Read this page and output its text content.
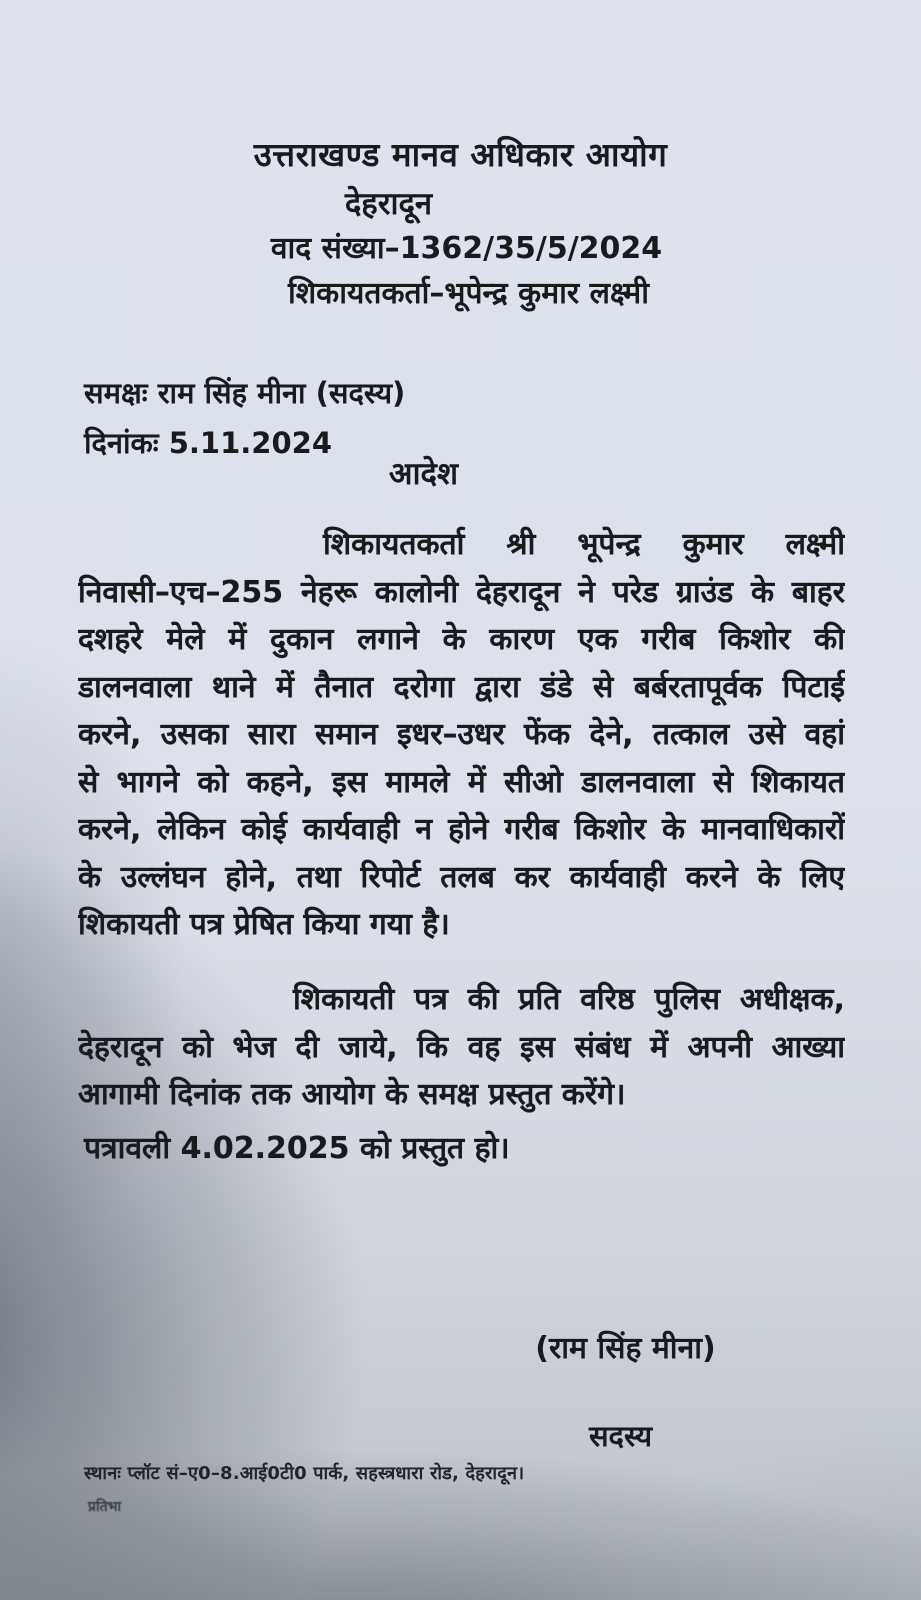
उत्तराखण्ड मानव अधिकार आयोग
देहरादून
वाद संख्या–1362/35/5/2024
शिकायतकर्ता–भूपेन्द्र कुमार लक्ष्मी
समक्षः राम सिंह मीना (सदस्य)
दिनांकः 5.11.2024
आदेश
शिकायतकर्ता श्री भूपेन्द्र कुमार लक्ष्मी
निवासी–एच–255 नेहरू कालोनी देहरादून ने परेड ग्राउंड के बाहर
दशहरे मेले में दुकान लगाने के कारण एक गरीब किशोर की
डालनवाला थाने में तैनात दरोगा द्वारा डंडे से बर्बरतापूर्वक पिटाई
करने, उसका सारा समान इधर–उधर फेंक देने, तत्काल उसे वहां
से भागने को कहने, इस मामले में सीओ डालनवाला से शिकायत
करने, लेकिन कोई कार्यवाही न होने गरीब किशोर के मानवाधिकारों
के उल्लंघन होने, तथा रिपोर्ट तलब कर कार्यवाही करने के लिए
शिकायती पत्र प्रेषित किया गया है।
शिकायती पत्र की प्रति वरिष्ठ पुलिस अधीक्षक,
देहरादून को भेज दी जाये, कि वह इस संबंध में अपनी आख्या
आगामी दिनांक तक आयोग के समक्ष प्रस्तुत करेंगे।
पत्रावली 4.02.2025 को प्रस्तुत हो।
(राम सिंह मीना)
सदस्य
स्थानः प्लॉट सं–ए0–8.आई0टी0 पार्क, सहस्त्रधारा रोड, देहरादून।
प्रतिभा
